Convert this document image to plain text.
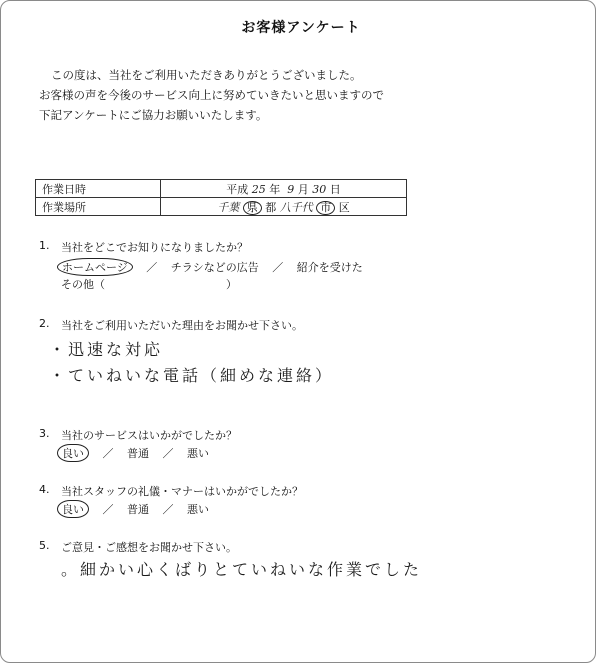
お客様アンケート
この度は、当社をご利用いただきありがとうございました。
お客様の声を今後のサービス向上に努めていきたいと思いますので
下記アンケートにご協力お願いいたします。
作業日時	平成 25 年 9 月 30 日
作業場所	千葉 県 都 八千代 市 区
1. 当社をどこでお知りになりましたか？
ホームページ ／ チラシなどの広告 ／ 紹介を受けた
その他（　　　　　　　　　　　）
2. 当社をご利用いただいた理由をお聞かせ下さい。
・迅速な対応
・ていねいな電話（細めな連絡）
3. 当社のサービスはいかがでしたか？
良い ／ 普通 ／ 悪い
4. 当社スタッフの礼儀・マナーはいかがでしたか？
良い ／ 普通 ／ 悪い
5. ご意見・ご感想をお聞かせ下さい。
。細かい心くばりとていねいな作業でした
